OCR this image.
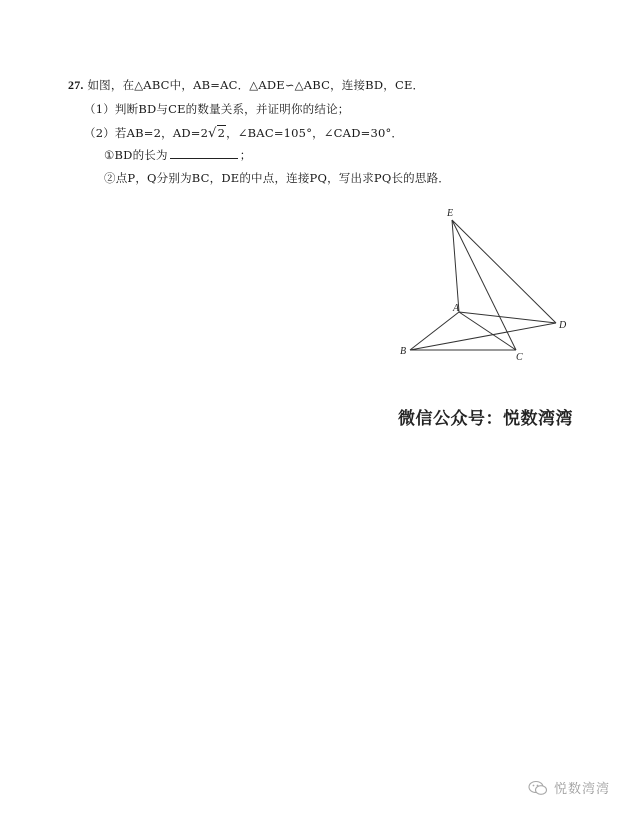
27. 如图，在△ABC中，AB=AC．△ADE∽△ABC，连接BD，CE．
（1）判断BD与CE的数量关系，并证明你的结论；
（2）若AB=2，AD=2√2，∠BAC=105°，∠CAD=30°．
①BD的长为	；
②点P，Q分别为BC，DE的中点，连接PQ，写出求PQ长的思路．
E
A
D
B
C
微信公众号：悦数湾湾
悦数湾湾
